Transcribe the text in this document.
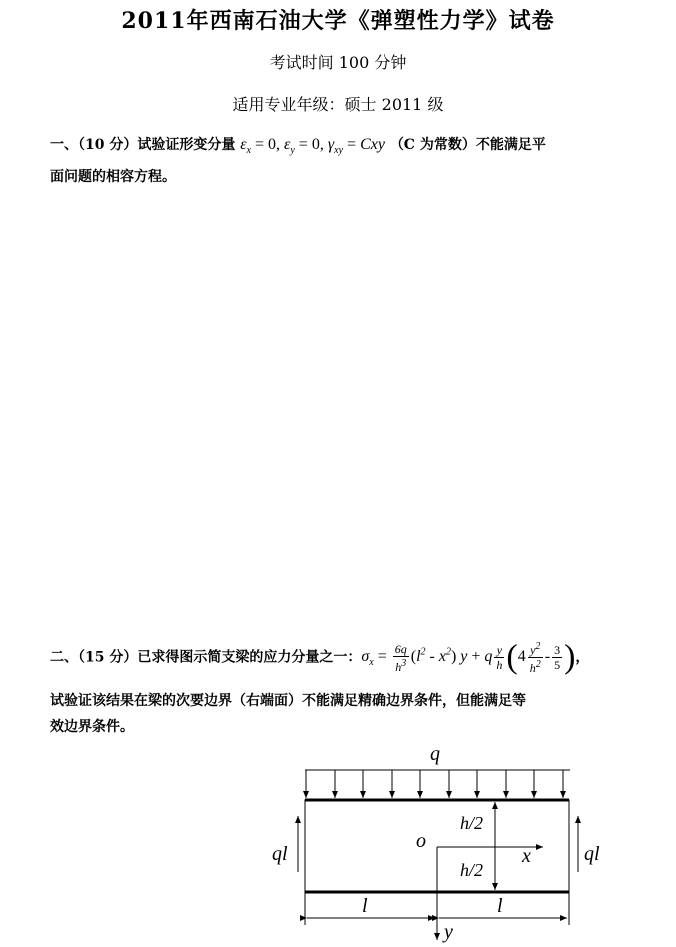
2011年西南石油大学《弹塑性力学》试卷
考试时间 100 分钟
适用专业年级：硕士 2011 级
一、（10 分）试验证形变分量 $\varepsilon_x = 0$, $\varepsilon_y = 0$, $\gamma_{xy}$ = Cxy （C 为常数）不能满足平
面问题的相容方程。
二、（15 分）已求得图示简支梁的应力分量之一：$\sigma_x = \frac{6q}{h^3} (l^2 - x^2) y + q \frac{y}{h} (4 \frac{y^2}{h^2} - \frac{3}{5}$ )，
试验证该结果在梁的次要边界（右端面）不能满足精确边界条件，但能满足等
效边界条件。
q
ql	ql
x
y
o
h/2
h/2
l	l
